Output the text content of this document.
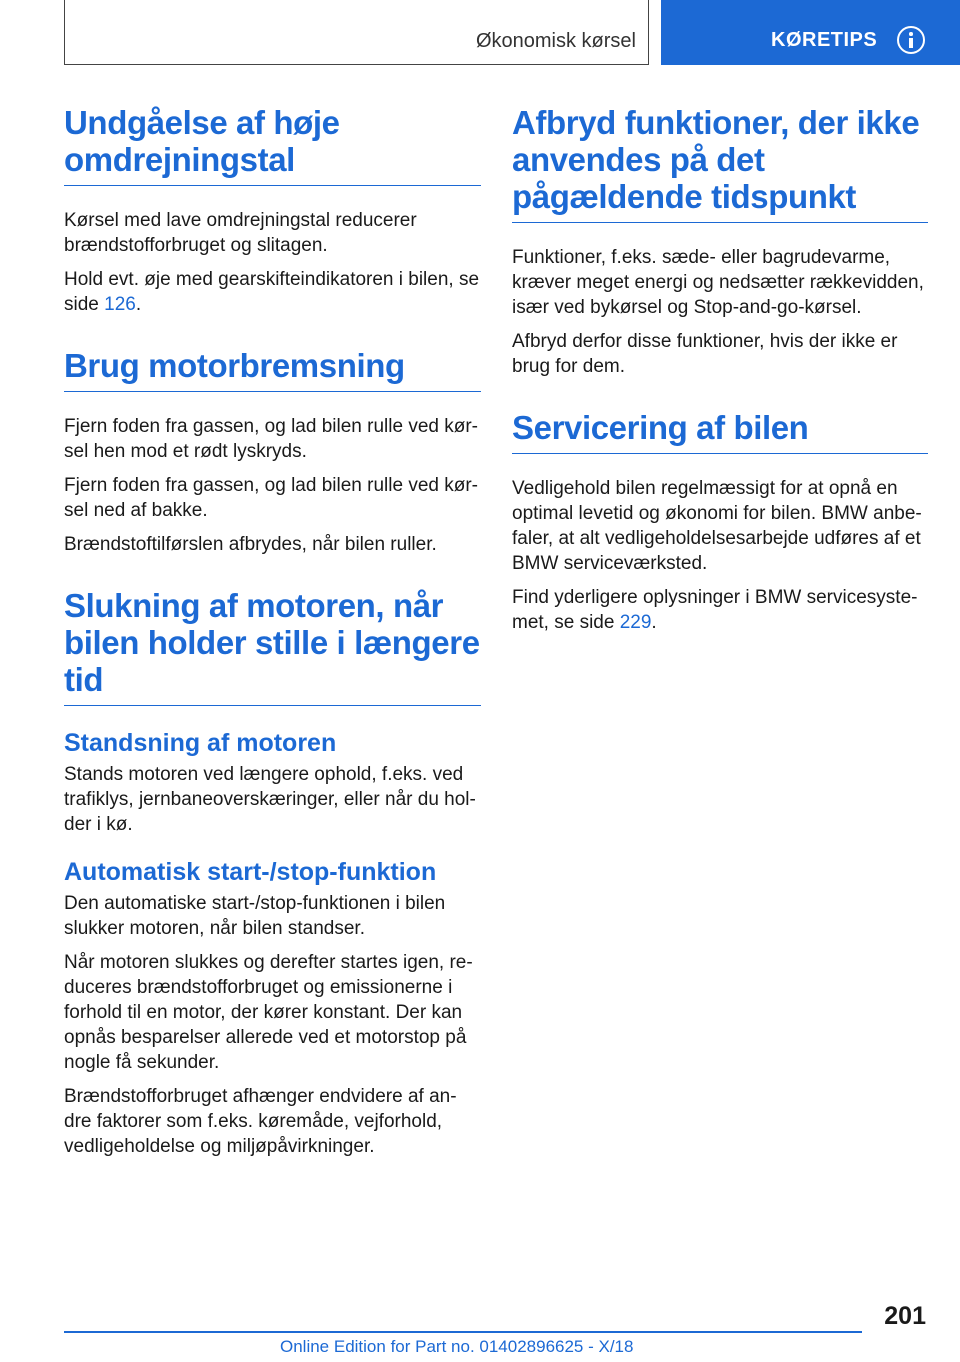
Økonomisk kørsel	KØRETIPS
Undgåelse af høje omdrejningstal

Kørsel med lave omdrejningstal reducerer brændstofforbruget og slitagen.

Hold evt. øje med gearskifteindikatoren i bilen, se side 126.

Brug motorbremsning

Fjern foden fra gassen, og lad bilen rulle ved kør‐sel hen mod et rødt lyskryds.

Fjern foden fra gassen, og lad bilen rulle ved kør‐sel ned af bakke.

Brændstoftilførslen afbrydes, når bilen ruller.

Slukning af motoren, når bilen holder stille i længere tid
Standsning af motoren

Stands motoren ved længere ophold, f.eks. ved trafiklys, jernbaneoverskæringer, eller når du hol‐der i kø.

Automatisk start-/stop-funktion

Den automatiske start-/stop-funktionen i bilen slukker motoren, når bilen standser.

Når motoren slukkes og derefter startes igen, re‐duceres brændstofforbruget og emissionerne i forhold til en motor, der kører konstant. Der kan opnås besparelser allerede ved et motorstop på nogle få sekunder.

Brændstofforbruget afhænger endvidere af an‐dre faktorer som f.eks. køremåde, vejforhold, vedligeholdelse og miljøpåvirkninger.

Afbryd funktioner, der ikke anvendes på det pågældende tidspunkt

Funktioner, f.eks. sæde- eller bagrudevarme, kræver meget energi og nedsætter rækkevidden, især ved bykørsel og Stop-and-go-kørsel.

Afbryd derfor disse funktioner, hvis der ikke er brug for dem.

Servicering af bilen

Vedligehold bilen regelmæssigt for at opnå en optimal levetid og økonomi for bilen. BMW anbe‐faler, at alt vedligeholdelsesarbejde udføres af et BMW serviceværksted.

Find yderligere oplysninger i BMW servicesyste‐met, se side 229.

201
Online Edition for Part no. 01402896625 - X/18
